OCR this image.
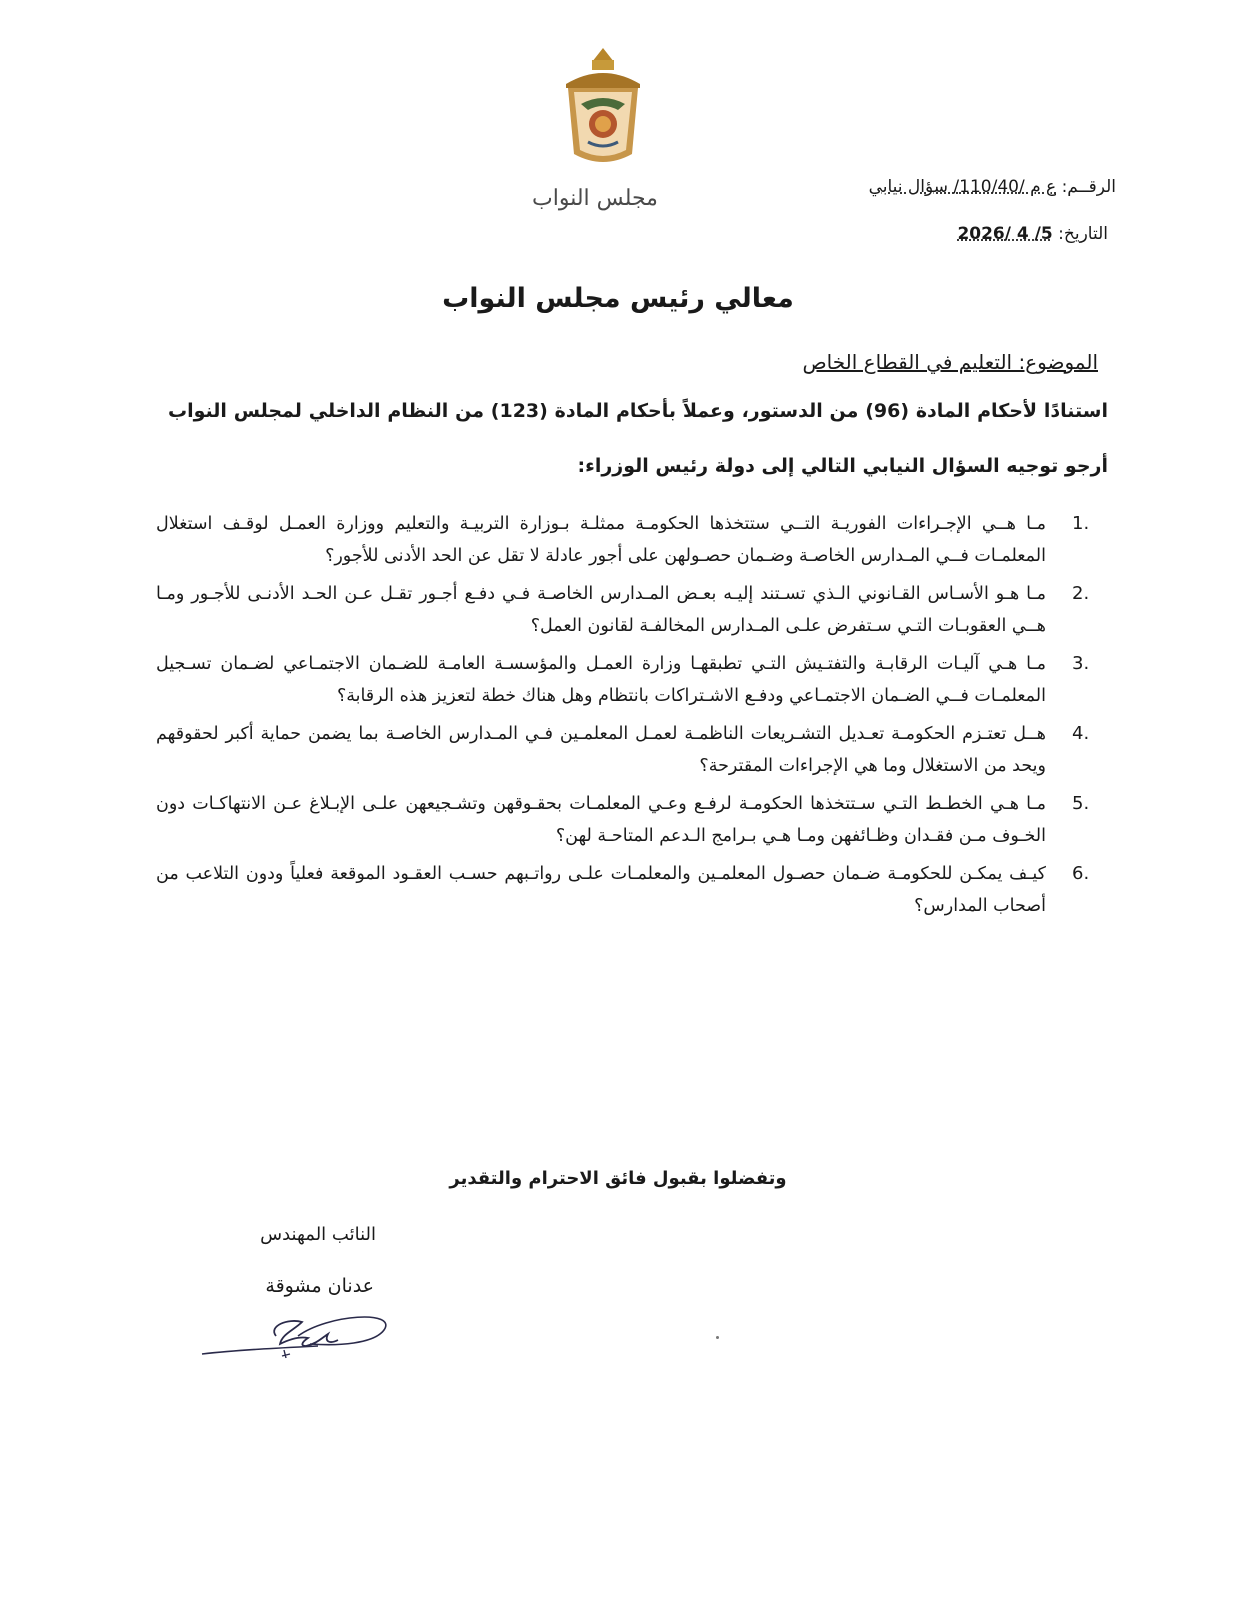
مجلس النواب	الرقــم: ع م /110/40/ سؤال نيابي
التاريخ: 5/ 4 /2026
معالي رئيس مجلس النواب
الموضوع: التعليم في القطاع الخاص
استنادًا لأحكام المادة (96) من الدستور، وعملاً بأحكام المادة (123) من النظام الداخلي لمجلس النواب
أرجو توجيه السؤال النيابي التالي إلى دولة رئيس الوزراء:
1.
مـا هــي الإجـراءات الفوريـة التــي ستتخذها الحكومـة ممثلـة بـوزارة التربيـة والتعليم ووزارة العمـل لوقـف استغلال المعلمـات فــي المـدارس الخاصـة وضـمان حصـولهن على أجور عادلة لا تقل عن الحد الأدنى للأجور؟
2.
مـا هـو الأسـاس القـانوني الـذي تسـتند إليـه بعـض المـدارس الخاصـة فـي دفـع أجـور تقـل عـن الحـد الأدنـى للأجـور ومـا هــي العقوبـات التـي سـتفرض علـى المـدارس المخالفـة لقانون العمل؟
3.
مـا هـي آليـات الرقابـة والتفتـيش التـي تطبقهـا وزارة العمـل والمؤسسـة العامـة للضـمان الاجتمـاعي لضـمان تسـجيل المعلمـات فــي الضـمان الاجتمـاعي ودفـع الاشـتراكات بانتظام وهل هناك خطة لتعزيز هذه الرقابة؟
4.
هــل تعتـزم الحكومـة تعـديل التشـريعات الناظمـة لعمـل المعلمـين فـي المـدارس الخاصـة بما يضمن حماية أكبر لحقوقهم ويحد من الاستغلال وما هي الإجراءات المقترحة؟
5.
مـا هـي الخطـط التـي سـتتخذها الحكومـة لرفـع وعـي المعلمـات بحقـوقهن وتشـجيعهن علـى الإبـلاغ عـن الانتهاكـات دون الخـوف مـن فقـدان وظـائفهن ومـا هـي بـرامج الـدعم المتاحـة لهن؟
6.
كيـف يمكـن للحكومـة ضـمان حصـول المعلمـين والمعلمـات علـى رواتـبهم حسـب العقـود الموقعة فعلياً ودون التلاعب من أصحاب المدارس؟
وتفضلوا بقبول فائق الاحترام والتقدير
النائب المهندس
عدنان مشوقة
